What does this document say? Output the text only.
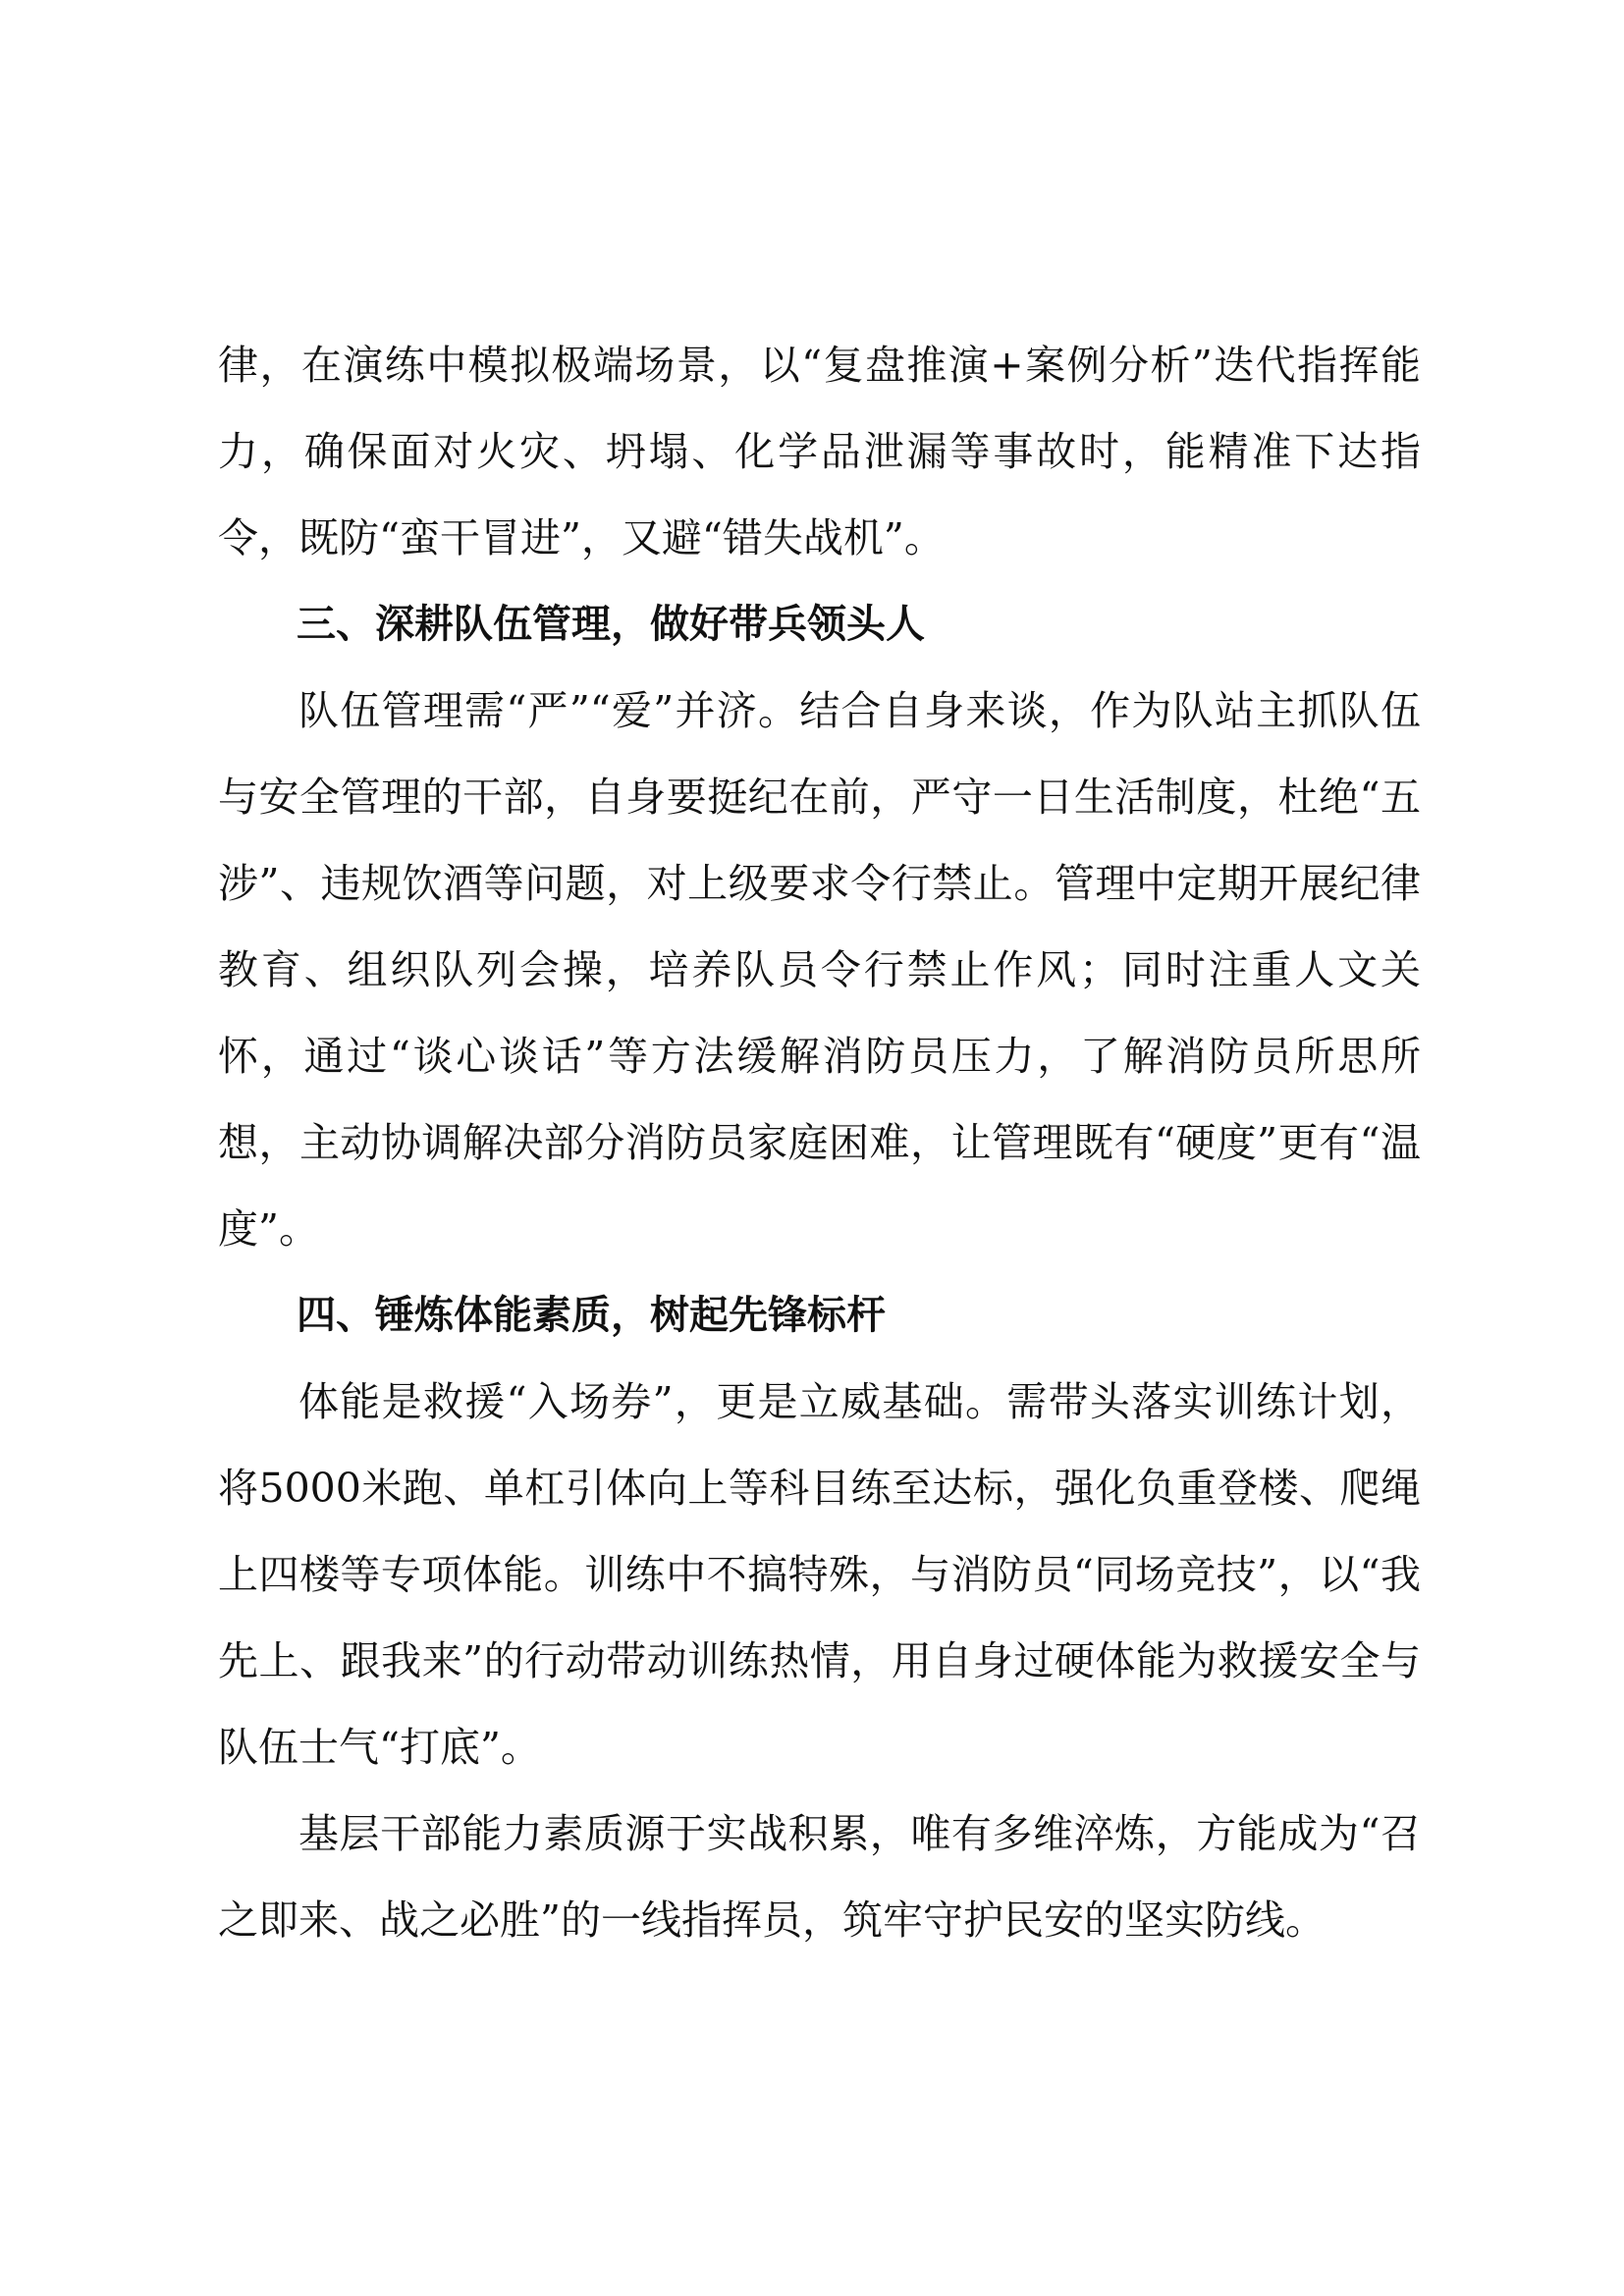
律，在演练中模拟极端场景，以“复盘推演+案例分析”迭代指挥能力，确保面对火灾、坍塌、化学品泄漏等事故时，能精准下达指令，既防“蛮干冒进”，又避“错失战机”。

三、深耕队伍管理，做好带兵领头人

队伍管理需“严”“爱”并济。结合自身来谈，作为队站主抓队伍与安全管理的干部，自身要挺纪在前，严守一日生活制度，杜绝“五涉”、违规饮酒等问题，对上级要求令行禁止。管理中定期开展纪律教育、组织队列会操，培养队员令行禁止作风；同时注重人文关怀，通过“谈心谈话”等方法缓解消防员压力，了解消防员所思所想，主动协调解决部分消防员家庭困难，让管理既有“硬度”更有“温度”。

四、锤炼体能素质，树起先锋标杆

体能是救援“入场券”，更是立威基础。需带头落实训练计划，将5000米跑、单杠引体向上等科目练至达标，强化负重登楼、爬绳上四楼等专项体能。训练中不搞特殊，与消防员“同场竞技”，以“我先上、跟我来”的行动带动训练热情，用自身过硬体能为救援安全与队伍士气“打底”。

基层干部能力素质源于实战积累，唯有多维淬炼，方能成为“召之即来、战之必胜”的一线指挥员，筑牢守护民安的坚实防线。
